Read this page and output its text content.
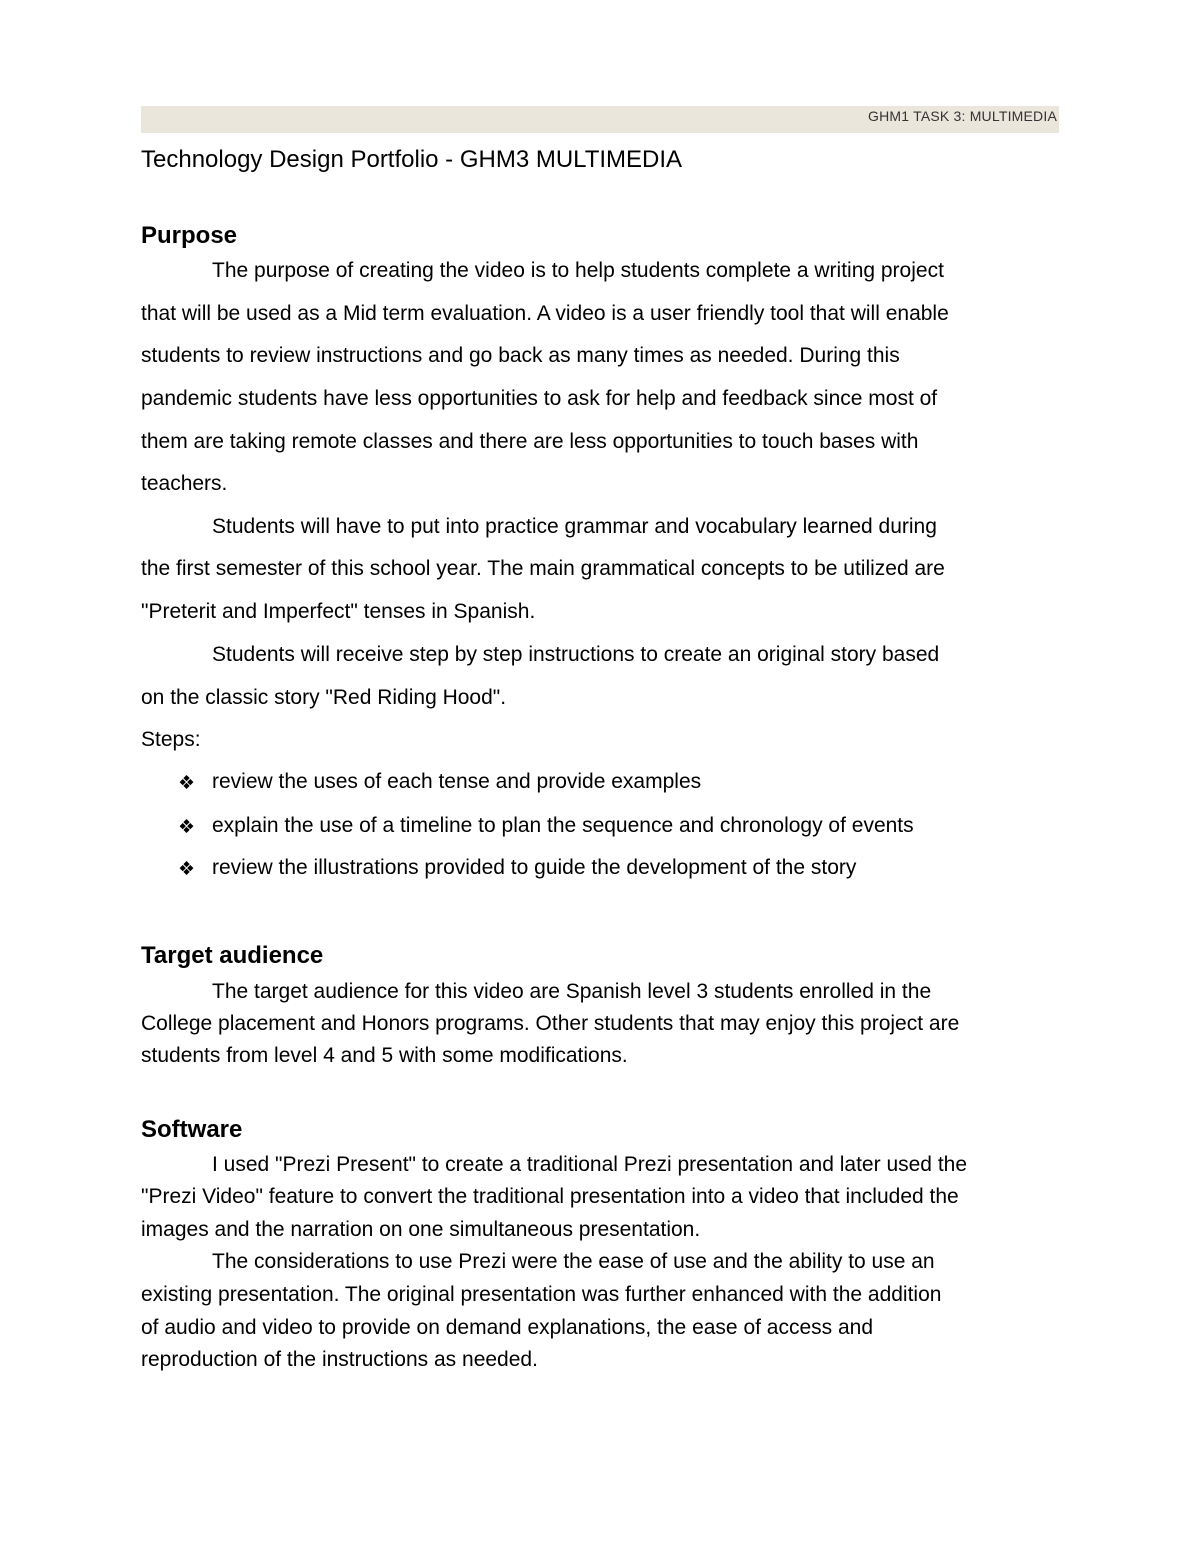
GHM1 TASK 3: MULTIMEDIA
Technology Design Portfolio - GHM3 MULTIMEDIA
Purpose
The purpose of creating the video is to help students complete a writing project
that will be used as a Mid term evaluation. A video is a user friendly tool that will enable
students to review instructions and go back as many times as needed. During this
pandemic students have less opportunities to ask for help and feedback since most of
them are taking remote classes and there are less opportunities to touch bases with
teachers.
Students will have to put into practice grammar and vocabulary learned during
the first semester of this school year. The main grammatical concepts to be utilized are
"Preterit and Imperfect" tenses in Spanish.
Students will receive step by step instructions to create an original story based
on the classic story "Red Riding Hood".
Steps:
❖ review the uses of each tense and provide examples
❖ explain the use of a timeline to plan the sequence and chronology of events
❖ review the illustrations provided to guide the development of the story
Target audience
The target audience for this video are Spanish level 3 students enrolled in the
College placement and Honors programs. Other students that may enjoy this project are
students from level 4 and 5 with some modifications.
Software
I used "Prezi Present" to create a traditional Prezi presentation and later used the
"Prezi Video" feature to convert the traditional presentation into a video that included the
images and the narration on one simultaneous presentation.
The considerations to use Prezi were the ease of use and the ability to use an
existing presentation. The original presentation was further enhanced with the addition
of audio and video to provide on demand explanations, the ease of access and
reproduction of the instructions as needed.
